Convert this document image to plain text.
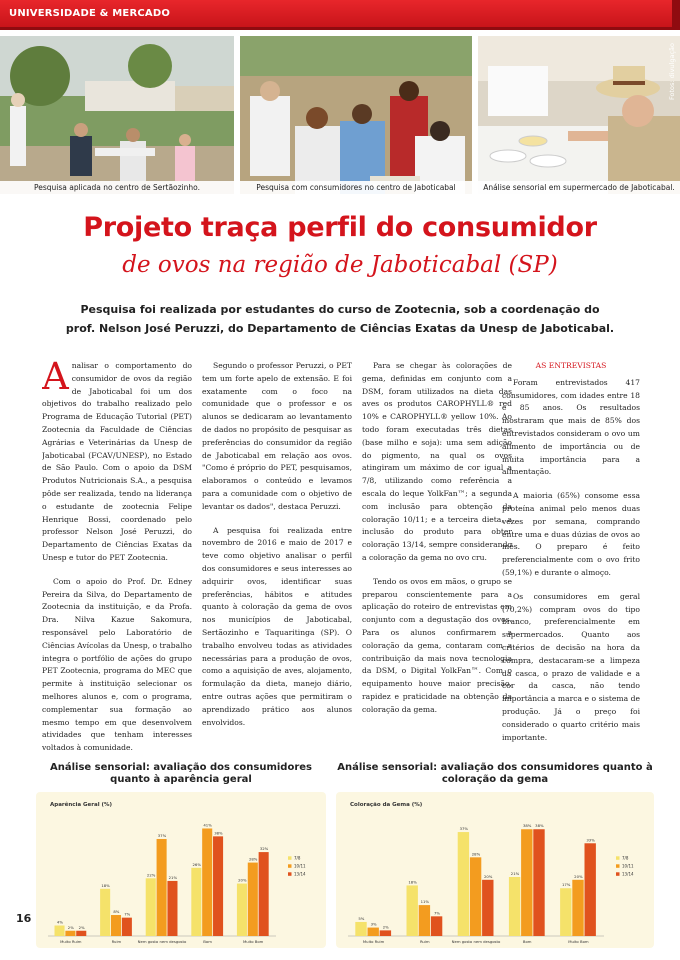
UNIVERSIDADE & MERCADO
Pesquisa aplicada no centro de Sertãozinho.	Pesquisa com consumidores no centro de Jaboticabal	Análise sensorial em supermercado de Jaboticabal.
Fotos: divulgação
Projeto traça perfil do consumidor
de ovos na região de Jaboticabal (SP)
Pesquisa foi realizada por estudantes do curso de Zootecnia, sob a coordenação do
prof. Nelson José Peruzzi, do Departamento de Ciências Exatas da Unesp de Jaboticabal.

Analisar o comportamento do consumidor de ovos da região de Jaboticabal foi um dos objetivos do trabalho realizado pelo Programa de Educação Tutorial (PET) Zootecnia da Faculdade de Ciências Agrárias e Veterinárias da Unesp de Jaboticabal (FCAV/UNESP), no Estado de São Paulo. Com o apoio da DSM Produtos Nutricionais S.A., a pesquisa pôde ser realizada, tendo na liderança o estudante de zootecnia Felipe Henrique Bossi, coordenado pelo professor Nelson José Peruzzi, do Departamento de Ciências Exatas da Unesp e tutor do PET Zootecnia.

Com o apoio do Prof. Dr. Edney Pereira da Silva, do Departamento de Zootecnia da instituição, e da Profa. Dra. Nilva Kazue Sakomura, responsável pelo Laboratório de Ciências Avícolas da Unesp, o trabalho integra o portfólio de ações do grupo PET Zootecnia, programa do MEC que permite à instituição selecionar os melhores alunos e, com o programa, complementar sua formação ao mesmo tempo em que desenvolvem atividades que tenham interesses voltados à comunidade.

Segundo o professor Peruzzi, o PET tem um forte apelo de extensão. E foi exatamente com o foco na comunidade que o professor e os alunos se dedicaram ao levantamento de dados no propósito de pesquisar as preferências do consumidor da região de Jaboticabal em relação aos ovos. "Como é próprio do PET, pesquisamos, elaboramos o conteúdo e levamos para a comunidade com o objetivo de levantar os dados", destaca Peruzzi.

A pesquisa foi realizada entre novembro de 2016 e maio de 2017 e teve como objetivo analisar o perfil dos consumidores e seus interesses ao adquirir ovos, identificar suas preferências, hábitos e atitudes quanto à coloração da gema de ovos nos municípios de Jaboticabal, Sertãozinho e Taquaritinga (SP). O trabalho envolveu todas as atividades necessárias para a produção de ovos, como a aquisição de aves, alojamento, formulação da dieta, manejo diário, entre outras ações que permitiram o aprendizado prático aos alunos envolvidos.

Para se chegar às colorações de gema, definidas em conjunto com a DSM, foram utilizados na dieta das aves os produtos CAROPHYLL® red 10% e CAROPHYLL® yellow 10%. Ao todo foram executadas três dietas (base milho e soja): uma sem adição do pigmento, na qual os ovos atingiram um máximo de cor igual a 7/8, utilizando como referência a escala do leque YolkFan™; a segunda com inclusão para obtenção da coloração 10/11; e a terceira dieta, a inclusão do produto para obter coloração 13/14, sempre considerando a coloração da gema no ovo cru.

Tendo os ovos em mãos, o grupo se preparou conscientemente para a aplicação do roteiro de entrevistas em conjunto com a degustação dos ovos. Para os alunos confirmarem a coloração da gema, contaram com a contribuição da mais nova tecnologia da DSM, o Digital YolkFan™. Com o equipamento houve maior precisão, rapidez e praticidade na obtenção da coloração da gema.

AS ENTREVISTAS

Foram entrevistados 417 consumidores, com idades entre 18 e 85 anos. Os resultados mostraram que mais de 85% dos entrevistados consideram o ovo um alimento de importância ou de muita importância para a alimentação.

A maioria (65%) consome essa proteína animal pelo menos duas vezes por semana, comprando entre uma e duas dúzias de ovos ao mês. O preparo é feito preferencialmente com o ovo frito (59,1%) e durante o almoço.

Os consumidores em geral (70,2%) compram ovos do tipo branco, preferencialmente em supermercados. Quanto aos critérios de decisão na hora da compra, destacaram-se a limpeza da casca, o prazo de validade e a cor da casca, não tendo importância a marca e o sistema de produção. Já o preço foi considerado o quarto critério mais importante.

Análise sensorial: avaliação dos consumidores quanto à aparência geral
Aparência Geral (%)
4%
2% 2%
Muito Ruim
18%
8%
7%
Ruim
22%
37%
21%
Nem gosto nem desgosto
26%
41%
38%
Bom
20%
28%
32%
Muito Bom
7/8
10/11
13/14
Análise sensorial: avaliação dos consumidores quanto à coloração da gema
Coloração da Gema (%)
5%
3%
2%
Muito Ruim
18%
11%
7%
Ruim
37%
28%
20%
Nem gosto nem desgosto
21%
38% 38%
Bom
17%
20%
33%
Muito Bom
7/8
10/11
13/14
16
